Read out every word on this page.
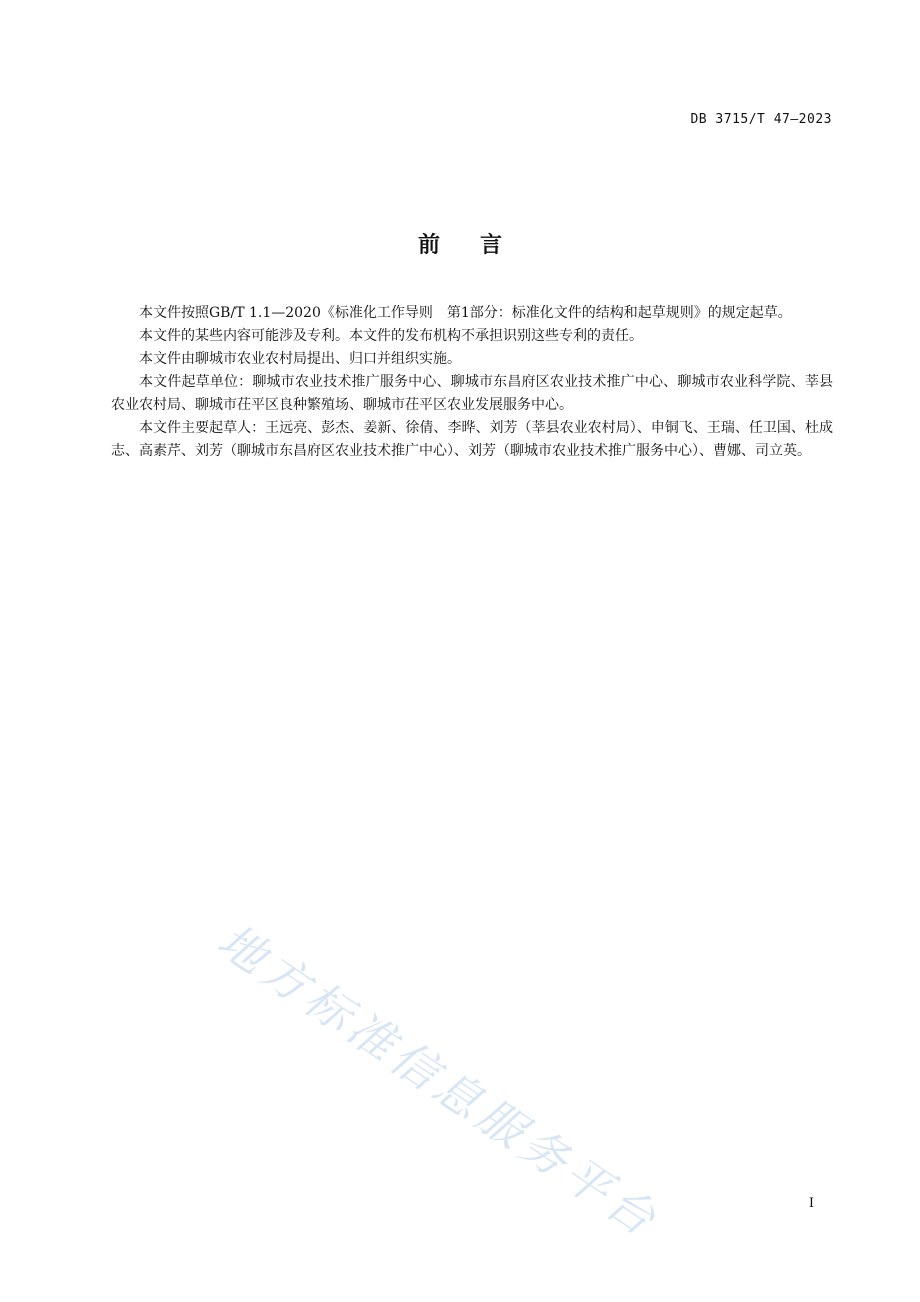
DB 3715/T 47—2023
前言

本文件按照GB/T 1.1—2020《标准化工作导则　第1部分：标准化文件的结构和起草规则》的规定起草。

本文件的某些内容可能涉及专利。本文件的发布机构不承担识别这些专利的责任。

本文件由聊城市农业农村局提出、归口并组织实施。

本文件起草单位：聊城市农业技术推广服务中心、聊城市东昌府区农业技术推广中心、聊城市农业科学院、莘县农业农村局、聊城市茌平区良种繁殖场、聊城市茌平区农业发展服务中心。

本文件主要起草人：王远亮、彭杰、姜新、徐倩、李晔、刘芳（莘县农业农村局）、申铜飞、王瑞、任卫国、杜成志、高素芹、刘芳（聊城市东昌府区农业技术推广中心）、刘芳（聊城市农业技术推广服务中心）、曹娜、司立英。

地方标准信息服务平台	I
